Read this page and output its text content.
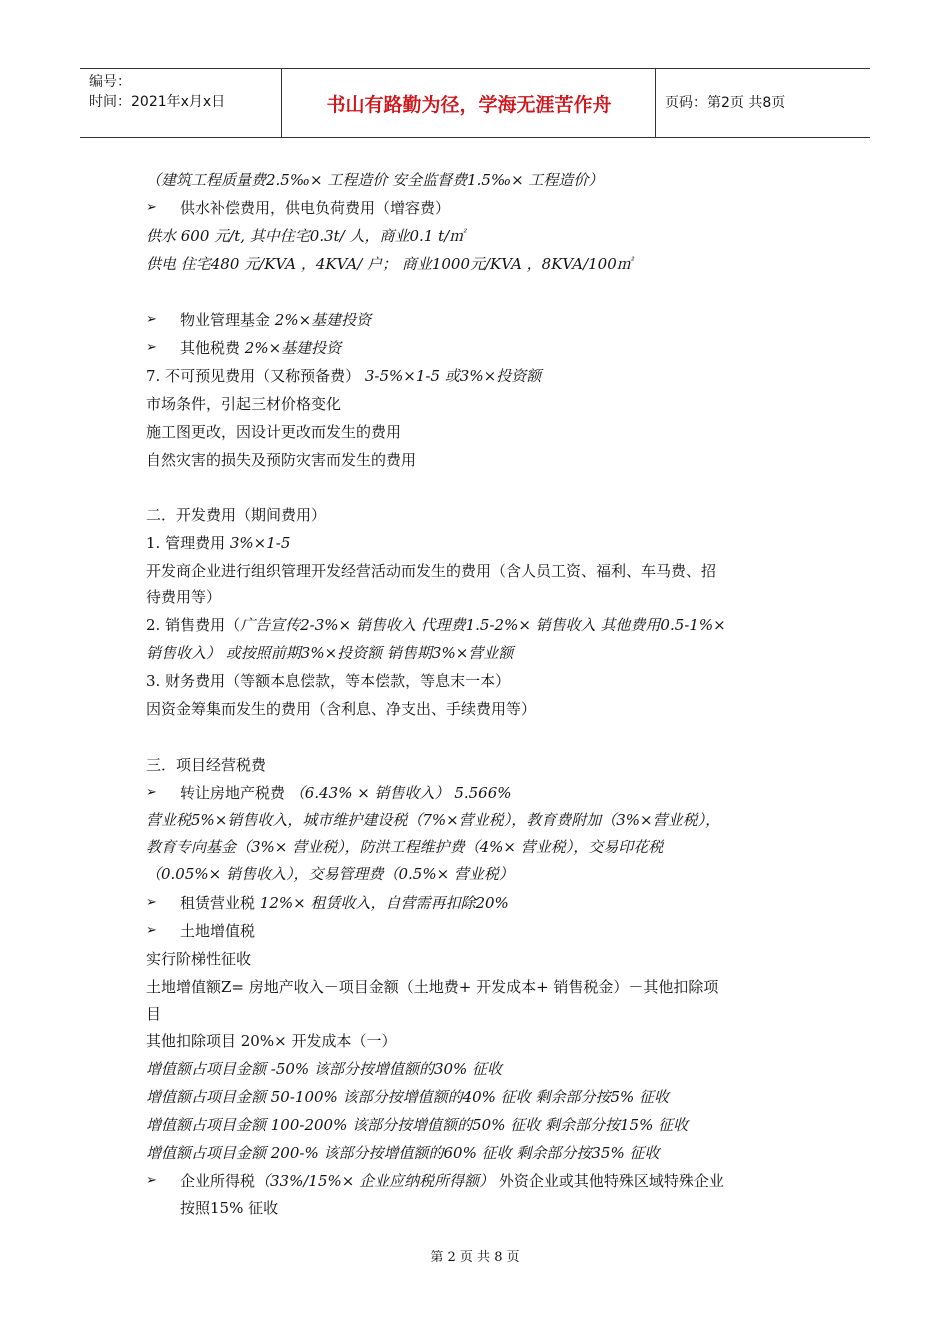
编号：
时间：2021年x月x日	书山有路勤为径，学海无涯苦作舟	页码：第2页 共8页
（建筑工程质量费2.5‰× 工程造价 安全监督费1.5‰× 工程造价）
➢ 供水补偿费用，供电负荷费用（增容费）
供水 600 元/t, 其中住宅0.3t/ 人，商业0.1 t/㎡
供电 住宅480 元/KVA ，4KVA/ 户； 商业1000元/KVA ，8KVA/100㎡
➢ 物业管理基金 2%×基建投资
➢ 其他税费 2%×基建投资
7. 不可预见费用（又称预备费） 3-5%×1-5 或3%×投资额
市场条件，引起三材价格变化
施工图更改，因设计更改而发生的费用
自然灾害的损失及预防灾害而发生的费用
二．开发费用（期间费用）
1. 管理费用 3%×1-5
开发商企业进行组织管理开发经营活动而发生的费用（含人员工资、福利、车马费、招
待费用等）
2. 销售费用（广告宣传2-3%× 销售收入 代理费1.5-2%× 销售收入 其他费用0.5-1%×
销售收入） 或按照前期3%×投资额 销售期3%×营业额
3. 财务费用（等额本息偿款，等本偿款，等息末一本）
因资金筹集而发生的费用（含利息、净支出、手续费用等）
三．项目经营税费
➢ 转让房地产税费 （6.43% × 销售收入） 5.566%
营业税5%×销售收入，城市维护建设税（7%×营业税），教育费附加（3%×营业税），
教育专向基金（3%× 营业税），防洪工程维护费（4%× 营业税），交易印花税
（0.05%× 销售收入），交易管理费（0.5%× 营业税）
➢ 租赁营业税 12%× 租赁收入，自营需再扣除20%
➢ 土地增值税
实行阶梯性征收
土地增值额Z= 房地产收入－项目金额（土地费+ 开发成本+ 销售税金）－其他扣除项
目
其他扣除项目 20%× 开发成本（一）
增值额占项目金额 -50% 该部分按增值额的30% 征收
增值额占项目金额 50-100% 该部分按增值额的40% 征收 剩余部分按5% 征收
增值额占项目金额 100-200% 该部分按增值额的50% 征收 剩余部分按15% 征收
增值额占项目金额 200-% 该部分按增值额的60% 征收 剩余部分按35% 征收
➢ 企业所得税（33%/15%× 企业应纳税所得额） 外资企业或其他特殊区域特殊企业
按照15% 征收
第 2 页 共 8 页
